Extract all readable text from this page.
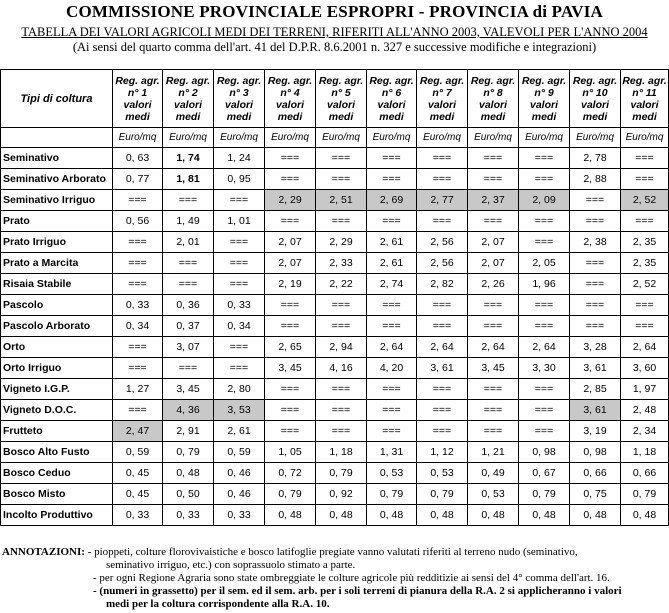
COMMISSIONE PROVINCIALE ESPROPRI - PROVINCIA di PAVIA
TABELLA DEI VALORI AGRICOLI MEDI DEI TERRENI, RIFERITI ALL'ANNO 2003, VALEVOLI PER L'ANNO 2004
(Ai sensi del quarto comma dell'art. 41 del D.P.R. 8.6.2001 n. 327 e successive modifiche e integrazioni)
Tipi di coltura	Reg. agr. n° 1 valori medi	Reg. agr. n° 2 valori medi	Reg. agr. n° 3 valori medi	Reg. agr. n° 4 valori medi	Reg. agr. n° 5 valori medi	Reg. agr. n° 6 valori medi	Reg. agr. n° 7 valori medi	Reg. agr. n° 8 valori medi	Reg. agr. n° 9 valori medi	Reg. agr. n° 10 valori medi	Reg. agr. n° 11 valori medi
	Euro/mq	Euro/mq	Euro/mq	Euro/mq	Euro/mq	Euro/mq	Euro/mq	Euro/mq	Euro/mq	Euro/mq	Euro/mq
Seminativo	0, 63	1, 74	1, 24	===	===	===	===	===	===	2, 78	===
Seminativo Arborato	0, 77	1, 81	0, 95	===	===	===	===	===	===	2, 88	===
Seminativo Irriguo	===	===	===	2, 29	2, 51	2, 69	2, 77	2, 37	2, 09	===	2, 52
Prato	0, 56	1, 49	1, 01	===	===	===	===	===	===	===	===
Prato Irriguo	===	2, 01	===	2, 07	2, 29	2, 61	2, 56	2, 07	===	2, 38	2, 35
Prato a Marcita	===	===	===	2, 07	2, 33	2, 61	2, 56	2, 07	2, 05	===	2, 35
Risaia Stabile	===	===	===	2, 19	2, 22	2, 74	2, 82	2, 26	1, 96	===	2, 52
Pascolo	0, 33	0, 36	0, 33	===	===	===	===	===	===	===	===
Pascolo Arborato	0, 34	0, 37	0, 34	===	===	===	===	===	===	===	===
Orto	===	3, 07	===	2, 65	2, 94	2, 64	2, 64	2, 64	2, 64	3, 28	2, 64
Orto Irriguo	===	===	===	3, 45	4, 16	4, 20	3, 61	3, 45	3, 30	3, 61	3, 60
Vigneto I.G.P.	1, 27	3, 45	2, 80	===	===	===	===	===	===	2, 85	1, 97
Vigneto D.O.C.	===	4, 36	3, 53	===	===	===	===	===	===	3, 61	2, 48
Frutteto	2, 47	2, 91	2, 61	===	===	===	===	===	===	3, 19	2, 34
Bosco Alto Fusto	0, 59	0, 79	0, 59	1, 05	1, 18	1, 31	1, 12	1, 21	0, 98	0, 98	1, 18
Bosco Ceduo	0, 45	0, 48	0, 46	0, 72	0, 79	0, 53	0, 53	0, 49	0, 67	0, 66	0, 66
Bosco Misto	0, 45	0, 50	0, 46	0, 79	0, 92	0, 79	0, 79	0, 53	0, 79	0, 75	0, 79
Incolto Produttivo	0, 33	0, 33	0, 33	0, 48	0, 48	0, 48	0, 48	0, 48	0, 48	0, 48	0, 48
ANNOTAZIONI: - pioppeti, colture florovivaistiche e bosco latifoglie pregiate vanno valutati riferiti al terreno nudo (seminativo,
seminativo irriguo, etc.) con soprassuolo stimato a parte.
- per ogni Regione Agraria sono state ombreggiate le colture agricole più redditizie ai sensi del 4° comma dell'art. 16.
- (numeri in grassetto) per il sem. ed il sem. arb. per i soli terreni di pianura della R.A. 2 si applicheranno i valori
medi per la coltura corrispondente alla R.A. 10.
